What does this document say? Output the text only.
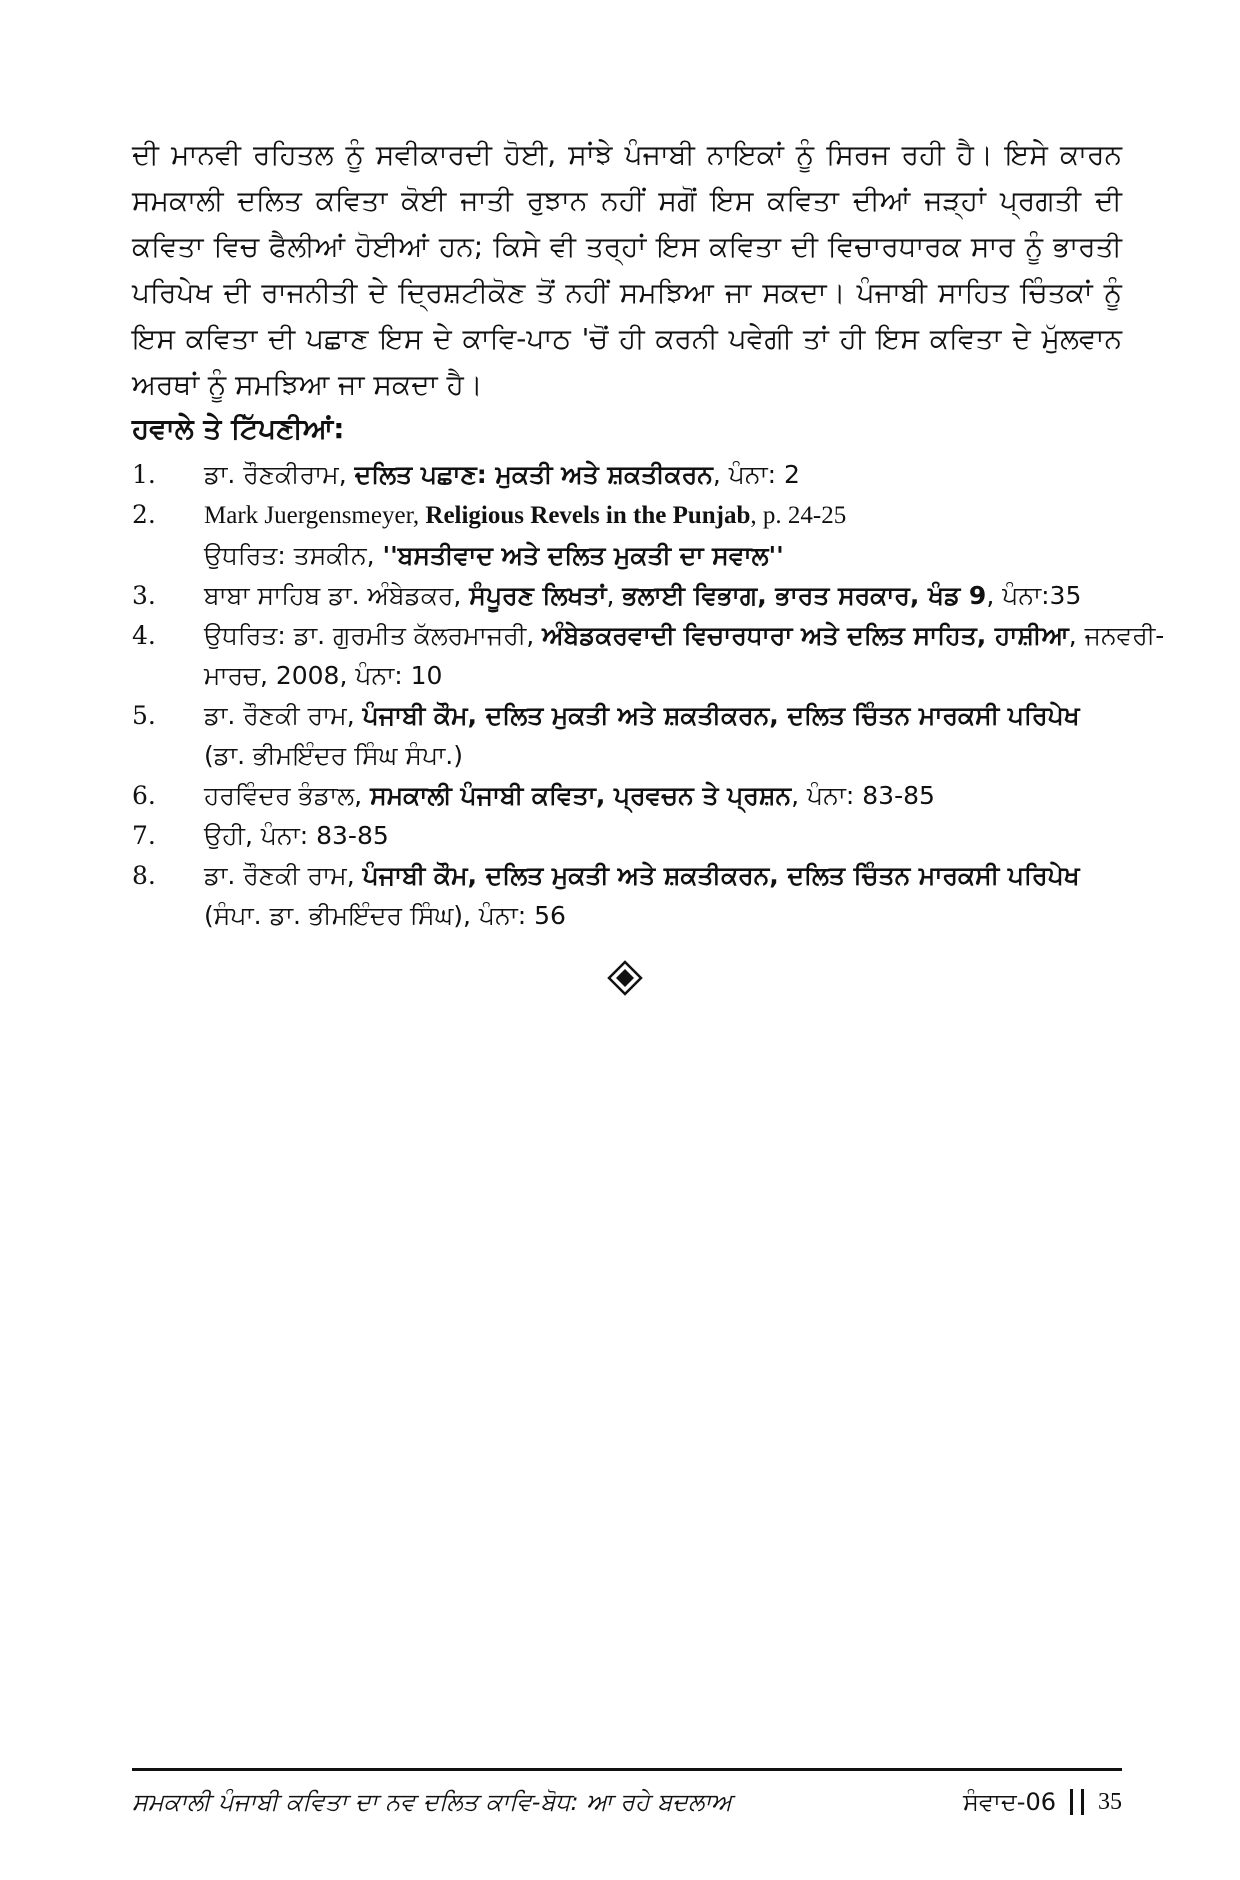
ਦੀ ਮਾਨਵੀ ਰਹਿਤਲ ਨੂੰ ਸਵੀਕਾਰਦੀ ਹੋਈ, ਸਾਂਝੇ ਪੰਜਾਬੀ ਨਾਇਕਾਂ ਨੂੰ ਸਿਰਜ ਰਹੀ ਹੈ। ਇਸੇ ਕਾਰਨ ਸਮਕਾਲੀ ਦਲਿਤ ਕਵਿਤਾ ਕੋਈ ਜਾਤੀ ਰੁਝਾਨ ਨਹੀਂ ਸਗੋਂ ਇਸ ਕਵਿਤਾ ਦੀਆਂ ਜੜ੍ਹਾਂ ਪ੍ਰਗਤੀ ਦੀ ਕਵਿਤਾ ਵਿਚ ਫੈਲੀਆਂ ਹੋਈਆਂ ਹਨ; ਕਿਸੇ ਵੀ ਤਰ੍ਹਾਂ ਇਸ ਕਵਿਤਾ ਦੀ ਵਿਚਾਰਧਾਰਕ ਸਾਰ ਨੂੰ ਭਾਰਤੀ ਪਰਿਪੇਖ ਦੀ ਰਾਜਨੀਤੀ ਦੇ ਦ੍ਰਿਸ਼ਟੀਕੋਣ ਤੋਂ ਨਹੀਂ ਸਮਝਿਆ ਜਾ ਸਕਦਾ। ਪੰਜਾਬੀ ਸਾਹਿਤ ਚਿੰਤਕਾਂ ਨੂੰ ਇਸ ਕਵਿਤਾ ਦੀ ਪਛਾਣ ਇਸ ਦੇ ਕਾਵਿ-ਪਾਠ 'ਚੋਂ ਹੀ ਕਰਨੀ ਪਵੇਗੀ ਤਾਂ ਹੀ ਇਸ ਕਵਿਤਾ ਦੇ ਮੁੱਲਵਾਨ ਅਰਥਾਂ ਨੂੰ ਸਮਝਿਆ ਜਾ ਸਕਦਾ ਹੈ।

ਹਵਾਲੇ ਤੇ ਟਿੱਪਣੀਆਂ:
1.	ਡਾ. ਰੌਣਕੀਰਾਮ, ਦਲਿਤ ਪਛਾਣ: ਮੁਕਤੀ ਅਤੇ ਸ਼ਕਤੀਕਰਨ, ਪੰਨਾ: 2
2.	Mark Juergensmeyer, Religious Revels in the Punjab, p. 24-25
ਉਧਰਿਤ: ਤਸਕੀਨ, ''ਬਸਤੀਵਾਦ ਅਤੇ ਦਲਿਤ ਮੁਕਤੀ ਦਾ ਸਵਾਲ''
3.	ਬਾਬਾ ਸਾਹਿਬ ਡਾ. ਅੰਬੇਡਕਰ, ਸੰਪੂਰਣ ਲਿਖਤਾਂ, ਭਲਾਈ ਵਿਭਾਗ, ਭਾਰਤ ਸਰਕਾਰ, ਖੰਡ 9, ਪੰਨਾ:35
4.	ਉਧਰਿਤ: ਡਾ. ਗੁਰਮੀਤ ਕੱਲਰਮਾਜਰੀ, ਅੰਬੇਡਕਰਵਾਦੀ ਵਿਚਾਰਧਾਰਾ ਅਤੇ ਦਲਿਤ ਸਾਹਿਤ, ਹਾਸ਼ੀਆ, ਜਨਵਰੀ-
ਮਾਰਚ, 2008, ਪੰਨਾ: 10
5.	ਡਾ. ਰੌਣਕੀ ਰਾਮ, ਪੰਜਾਬੀ ਕੌਮ, ਦਲਿਤ ਮੁਕਤੀ ਅਤੇ ਸ਼ਕਤੀਕਰਨ, ਦਲਿਤ ਚਿੰਤਨ ਮਾਰਕਸੀ ਪਰਿਪੇਖ
(ਡਾ. ਭੀਮਇੰਦਰ ਸਿੰਘ ਸੰਪਾ.)
6.	ਹਰਵਿੰਦਰ ਭੰਡਾਲ, ਸਮਕਾਲੀ ਪੰਜਾਬੀ ਕਵਿਤਾ, ਪ੍ਰਵਚਨ ਤੇ ਪ੍ਰਸ਼ਨ, ਪੰਨਾ: 83-85
7.	ਉਹੀ, ਪੰਨਾ: 83-85
8.	ਡਾ. ਰੌਣਕੀ ਰਾਮ, ਪੰਜਾਬੀ ਕੌਮ, ਦਲਿਤ ਮੁਕਤੀ ਅਤੇ ਸ਼ਕਤੀਕਰਨ, ਦਲਿਤ ਚਿੰਤਨ ਮਾਰਕਸੀ ਪਰਿਪੇਖ
(ਸੰਪਾ. ਡਾ. ਭੀਮਇੰਦਰ ਸਿੰਘ), ਪੰਨਾ: 56
ਸਮਕਾਲੀ ਪੰਜਾਬੀ ਕਵਿਤਾ ਦਾ ਨਵ ਦਲਿਤ ਕਾਵਿ-ਬੋਧ: ਆ ਰਹੇ ਬਦਲਾਅ	ਸੰਵਾਦ-06 35
